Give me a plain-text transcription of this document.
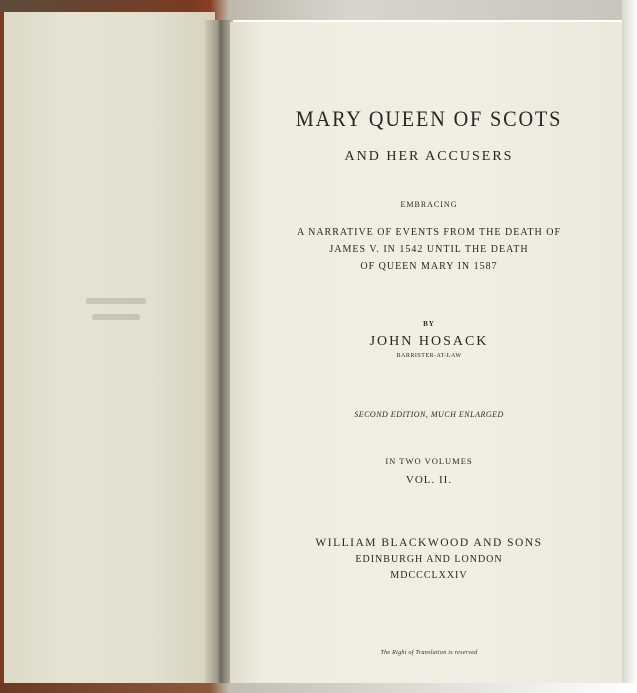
MARY QUEEN OF SCOTS
AND HER ACCUSERS
EMBRACING
A NARRATIVE OF EVENTS FROM THE DEATH OF
JAMES V. IN 1542 UNTIL THE DEATH
OF QUEEN MARY IN 1587
BY
JOHN HOSACK
BARRISTER-AT-LAW
SECOND EDITION, MUCH ENLARGED
IN TWO VOLUMES
VOL. II.
WILLIAM BLACKWOOD AND SONS
EDINBURGH AND LONDON
MDCCCLXXIV
The Right of Translation is reserved
